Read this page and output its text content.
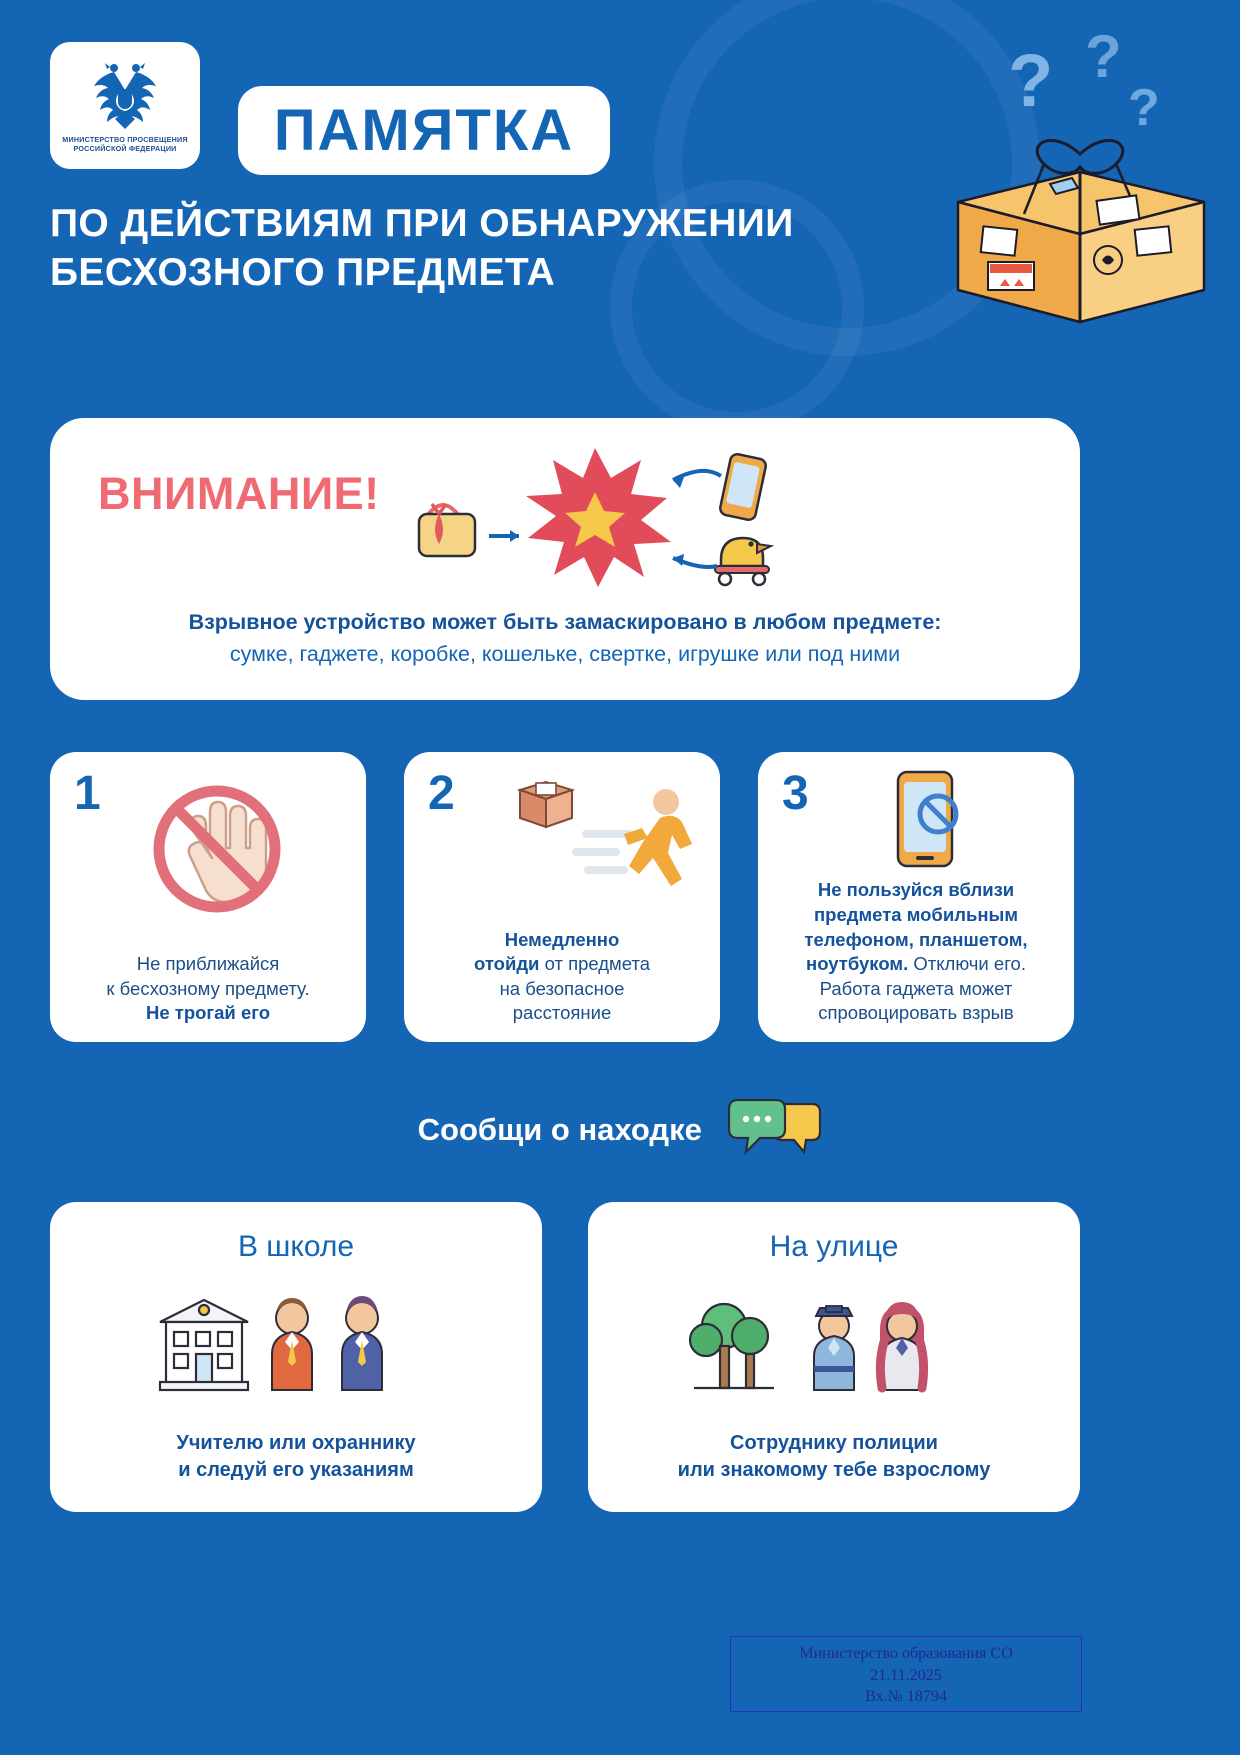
? ?
?
МИНИСТЕРСТВО ПРОСВЕЩЕНИЯ
РОССИЙСКОЙ ФЕДЕРАЦИИ ПАМЯТКА
ПО ДЕЙСТВИЯМ ПРИ ОБНАРУЖЕНИИ БЕСХОЗНОГО ПРЕДМЕТА
ВНИМАНИЕ!
Взрывное устройство может быть замаскировано в любом предмете:
сумке, гаджете, коробке, кошельке, свертке, игрушке или под ними
1
Не приближайся
к бесхозному предмету.
Не трогай его
2
Немедленно
отойди от предмета
на безопасное
расстояние
3
Не пользуйся вблизи
предмета мобильным
телефоном, планшетом,
ноутбуком. Отключи его.
Работа гаджета может
спровоцировать взрыв
Сообщи о находке
В школе
Учителю или охраннику
и следуй его указаниям
На улице
Сотруднику полиции
или знакомому тебе взрослому
Министерство образования СО
21.11.2025
Вх.№ 18794
